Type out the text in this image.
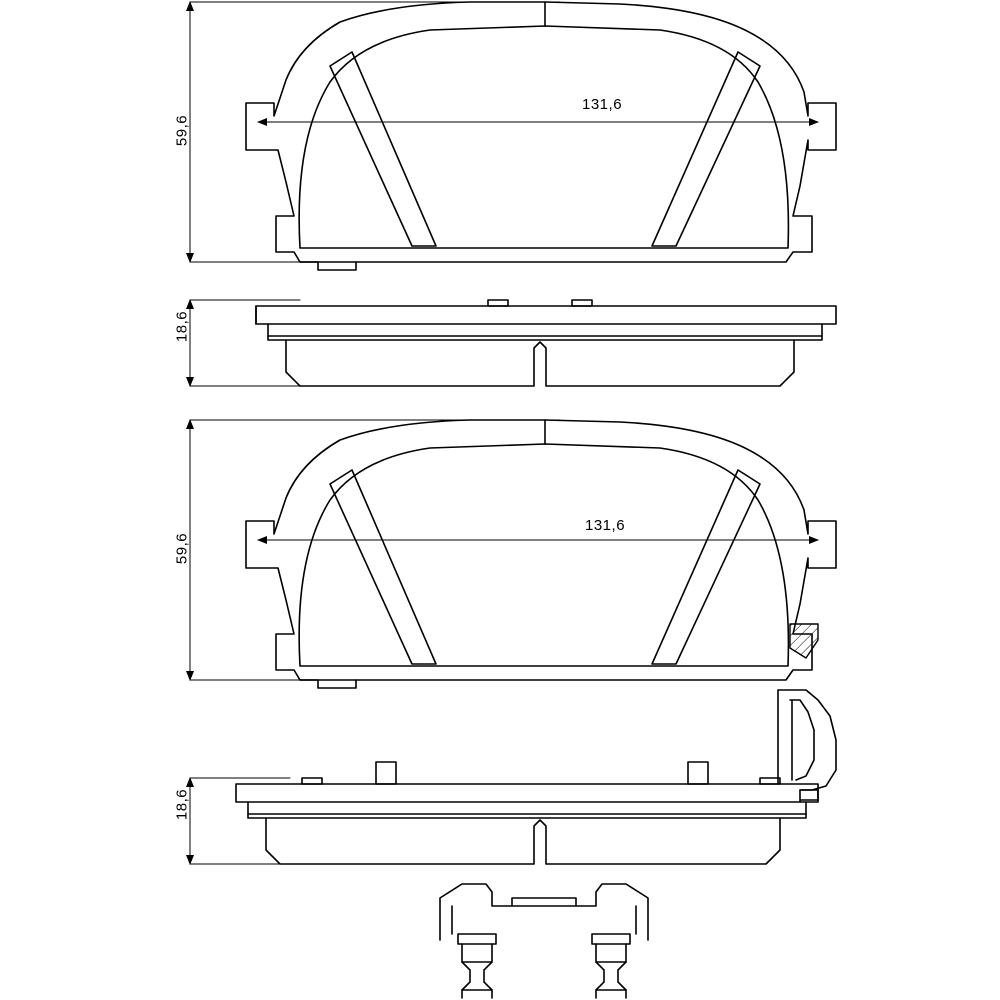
131,6
59,6
18,6
131,6
59,6
18,6
